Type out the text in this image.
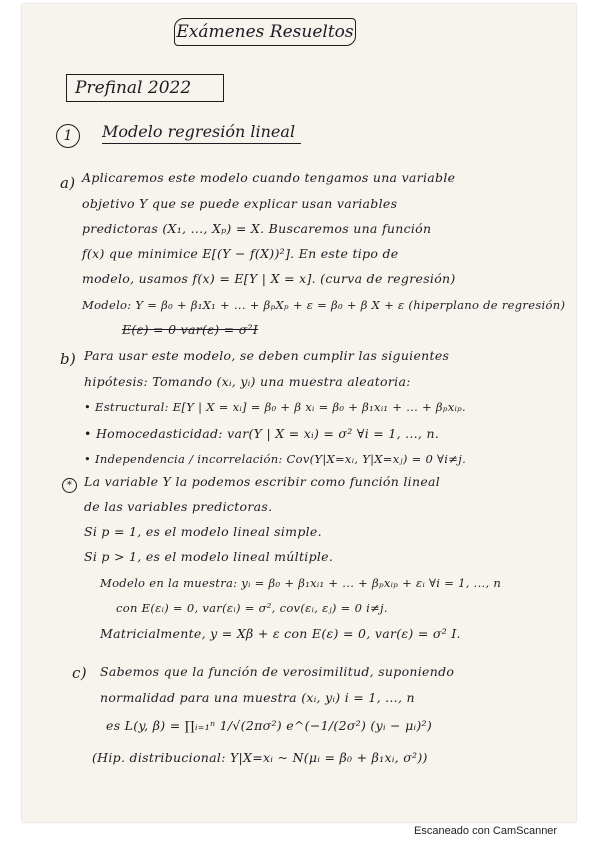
Exámenes Resueltos
Prefinal 2022
1	Modelo regresión lineal
a) Aplicaremos este modelo cuando tengamos una variable
objetivo Y que se puede explicar usan variables
predictoras (X₁, ..., Xₚ) = X. Buscaremos una función
f(x) que minimice E[(Y − f(X))²]. En este tipo de
modelo, usamos f(x) = E[Y | X = x]. (curva de regresión)
Modelo: Y = β₀ + β₁X₁ + ... + βₚXₚ + ε = β₀ + β X + ε (hiperplano de regresión)
E(ε) = 0 var(ε) = σ²I
b) Para usar este modelo, se deben cumplir las siguientes
hipótesis: Tomando (xᵢ, yᵢ) una muestra aleatoria:
• Estructural: E[Y | X = xᵢ] = β₀ + β xᵢ = β₀ + β₁xᵢ₁ + ... + βₚxᵢₚ.
• Homocedasticidad: var(Y | X = xᵢ) = σ² ∀i = 1, ..., n.
• Independencia / incorrelación: Cov(Y|X=xᵢ, Y|X=xⱼ) = 0 ∀i≠j.
* La variable Y la podemos escribir como función lineal
de las variables predictoras.
Si p = 1, es el modelo lineal simple.
Si p > 1, es el modelo lineal múltiple.
Modelo en la muestra: yᵢ = β₀ + β₁xᵢ₁ + ... + βₚxᵢₚ + εᵢ ∀i = 1, ..., n
con E(εᵢ) = 0, var(εᵢ) = σ², cov(εᵢ, εⱼ) = 0 i≠j.
Matricialmente, y = Xβ + ε con E(ε) = 0, var(ε) = σ² I.
c) Sabemos que la función de verosimilitud, suponiendo
normalidad para una muestra (xᵢ, yᵢ) i = 1, ..., n
es L(y, β) = ∏ᵢ₌₁ⁿ 1/√(2πσ²) e^(−1/(2σ²) (yᵢ − μᵢ)²)
(Hip. distribucional: Y|X=xᵢ ~ N(μᵢ = β₀ + β₁xᵢ, σ²))
Escaneado con CamScanner
